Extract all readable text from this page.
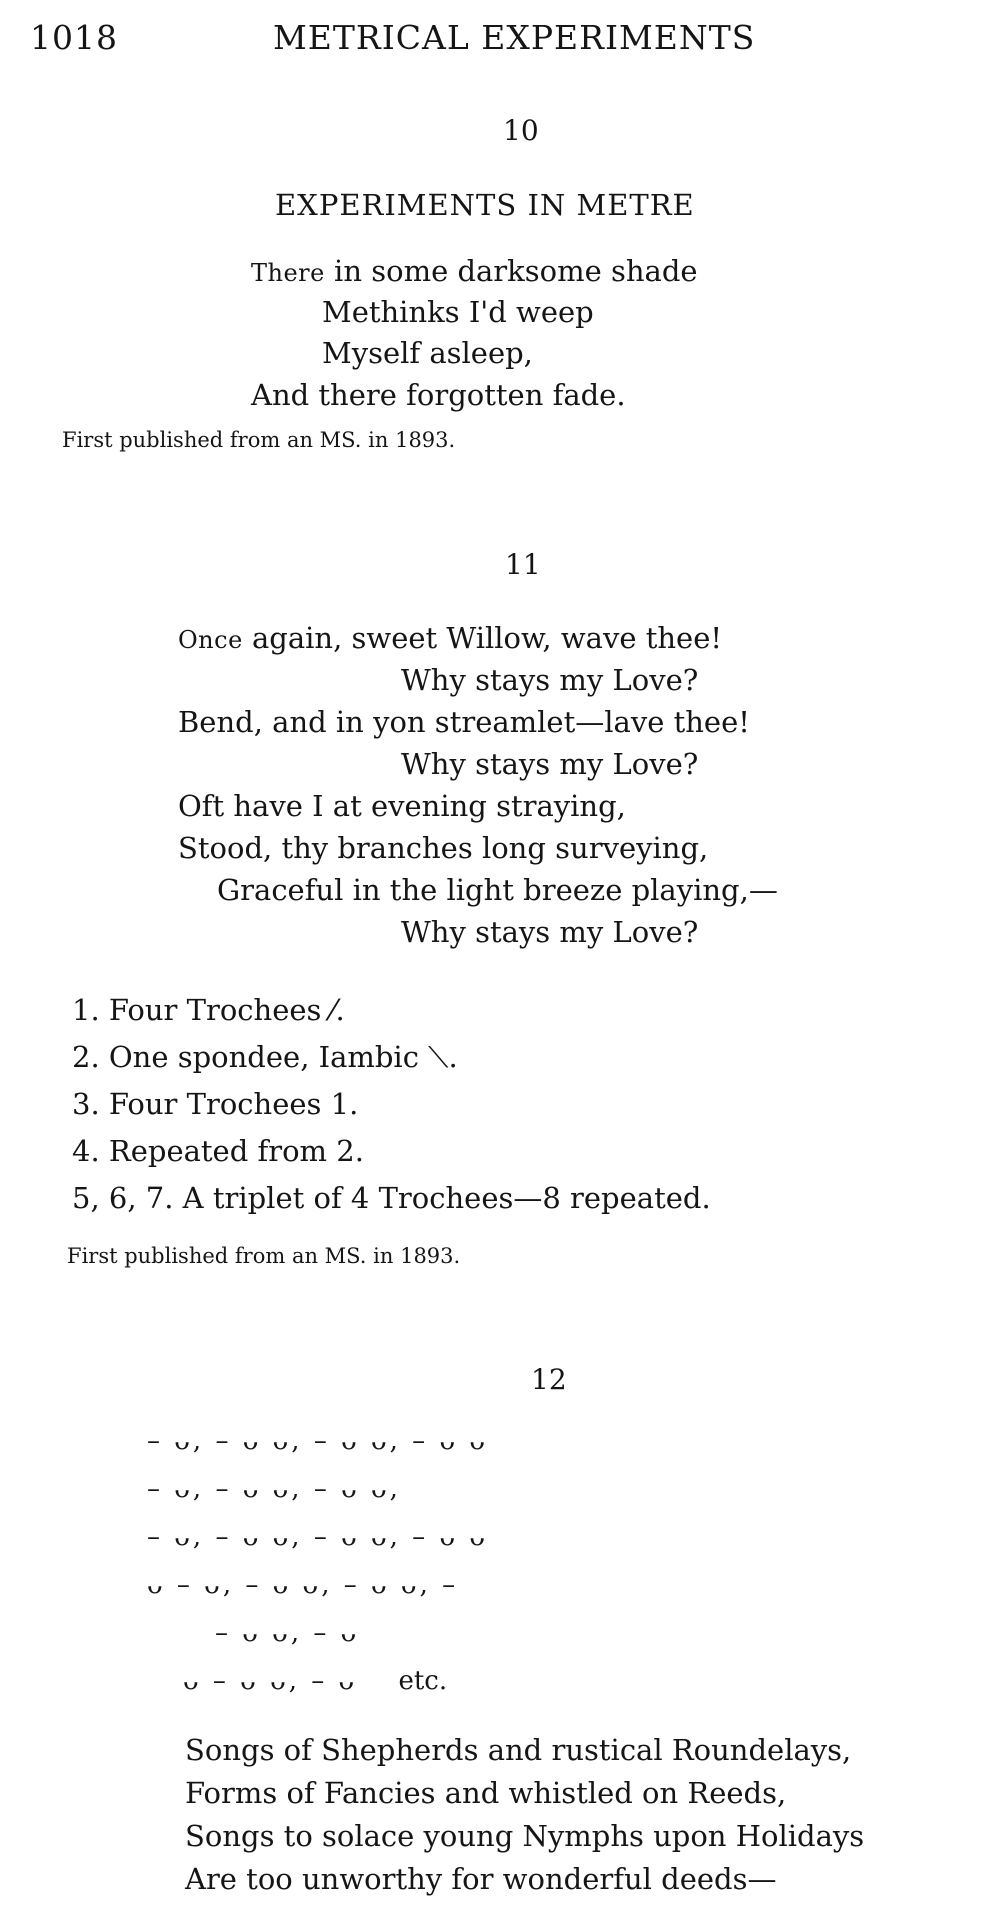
1018	METRICAL EXPERIMENTS
10
EXPERIMENTS IN METRE
There in some darksome shade
Methinks I'd weep
Myself asleep,
And there forgotten fade.
First published from an MS. in 1893.
11
Once again, sweet Willow, wave thee!
Why stays my Love?
Bend, and in yon streamlet—lave thee!
Why stays my Love?
Oft have I at evening straying,
Stood, thy branches long surveying,
Graceful in the light breeze playing,—
Why stays my Love?
1. Four Trochees ⁄.
2. One spondee, Iambic ⟍.
3. Four Trochees 1.
4. Repeated from 2.
5, 6, 7. A triplet of 4 Trochees—8 repeated.
First published from an MS. in 1893.
12
– ᴗ, – ᴗ ᴗ, – ᴗ ᴗ, – ᴗ ᴗ
– ᴗ, – ᴗ ᴗ, – ᴗ ᴗ,
– ᴗ, – ᴗ ᴗ, – ᴗ ᴗ, – ᴗ ᴗ
ᴗ – ᴗ, – ᴗ ᴗ, – ᴗ ᴗ, –
– ᴗ ᴗ, – ᴗ
ᴗ – ᴗ ᴗ, – ᴗ etc.
Songs of Shepherds and rustical Roundelays,
Forms of Fancies and whistled on Reeds,
Songs to solace young Nymphs upon Holidays
Are too unworthy for wonderful deeds—
